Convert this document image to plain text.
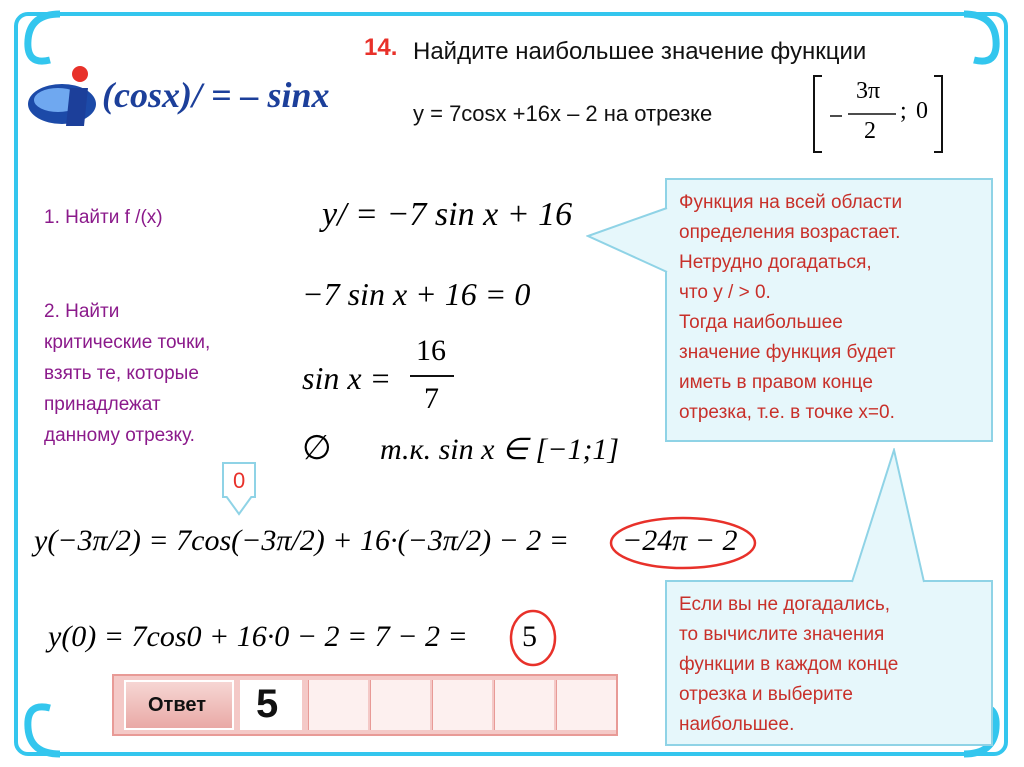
(cosx)/ = – sinx
14. Найдите наибольшее значение функции
y = 7cosx +16x – 2 на отрезке
3π
2
; 0
1. Найти f /(x)
2. Найти
критические точки,
взять те, которые
принадлежат
данному отрезку.
y/ = −7 sin x + 16
−7 sin x + 16 = 0
sin x =
16
7
∅ т.к. sin x ∈ [−1;1]
0
y(−3π/2) = 7cos(−3π/2) + 16·(−3π/2) − 2 = −24π − 2
y(0) = 7cos0 + 16·0 − 2 = 7 − 2 = 5
Функция на всей области
определения возрастает.
Нетрудно догадаться,
что y / > 0.
Тогда наибольшее
значение функция будет
иметь в правом конце
отрезка, т.е. в точке x=0.
Если вы не догадались,
то вычислите значения
функции в каждом конце
отрезка и выберите
наибольшее.
Ответ 5
